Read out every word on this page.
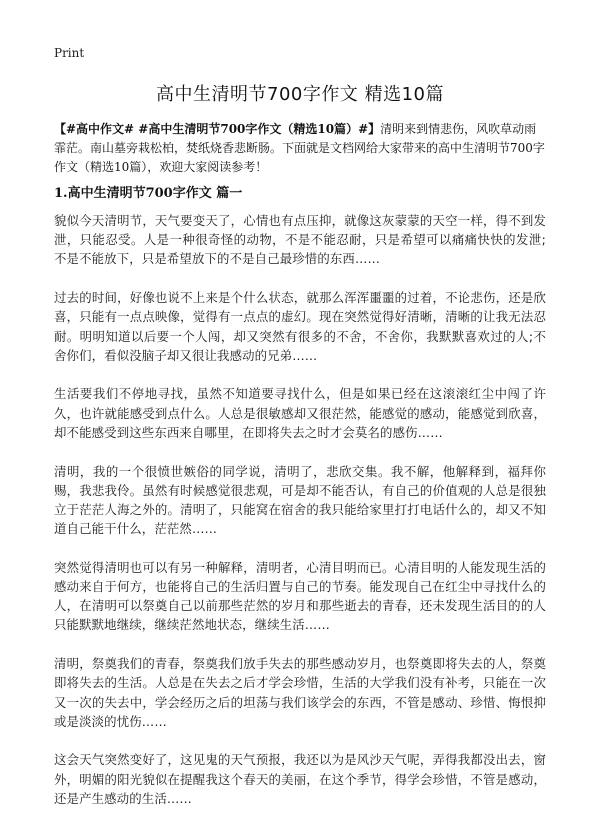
Print
高中生清明节700字作文 精选10篇
【#高中作文# #高中生清明节700字作文（精选10篇）#】清明来到情悲伤，风吹草动雨霏茫。南山墓旁栽松柏，焚纸烧香悲断肠。下面就是文档网给大家带来的高中生清明节700字作文（精选10篇），欢迎大家阅读参考！
1.高中生清明节700字作文 篇一

貌似今天清明节，天气要变天了，心情也有点压抑，就像这灰蒙蒙的天空一样，得不到发泄，只能忍受。人是一种很奇怪的动物，不是不能忍耐，只是希望可以痛痛快快的发泄;不是不能放下，只是希望放下的不是自己最珍惜的东西……

过去的时间，好像也说不上来是个什么状态，就那么浑浑噩噩的过着，不论悲伤，还是欣喜，只能有一点点映像，觉得有一点点的虚幻。现在突然觉得好清晰，清晰的让我无法忍耐。明明知道以后要一个人闯，却又突然有很多的不舍，不舍你，我默默喜欢过的人;不舍你们，看似没脑子却又很让我感动的兄弟……

生活要我们不停地寻找，虽然不知道要寻找什么，但是如果已经在这滚滚红尘中闯了许久，也许就能感受到点什么。人总是很敏感却又很茫然，能感觉的感动，能感觉到欣喜，却不能感受到这些东西来自哪里，在即将失去之时才会莫名的感伤……

清明，我的一个很愤世嫉俗的同学说，清明了，悲欣交集。我不解，他解释到，福拜你赐，我悲我伶。虽然有时候感觉很悲观，可是却不能否认，有自己的价值观的人总是很独立于茫茫人海之外的。清明了，只能窝在宿舍的我只能给家里打打电话什么的，却又不知道自己能干什么，茫茫然……

突然觉得清明也可以有另一种解释，清明者，心清目明而已。心清目明的人能发现生活的感动来自于何方，也能将自己的生活归置与自己的节奏。能发现自己在红尘中寻找什么的人，在清明可以祭奠自己以前那些茫然的岁月和那些逝去的青春，还未发现生活目的的人只能默默地继续，继续茫然地状态，继续生活……

清明，祭奠我们的青春，祭奠我们放手失去的那些感动岁月，也祭奠即将失去的人，祭奠即将失去的生活。人总是在失去之后才学会珍惜，生活的大学我们没有补考，只能在一次又一次的失去中，学会经历之后的坦荡与我们该学会的东西，不管是感动、珍惜、悔恨抑或是淡淡的忧伤……

这会天气突然变好了，这见鬼的天气预报，我还以为是风沙天气呢，弄得我都没出去，窗外，明媚的阳光貌似在提醒我这个春天的美丽，在这个季节，得学会珍惜，不管是感动，还是产生感动的生活……
